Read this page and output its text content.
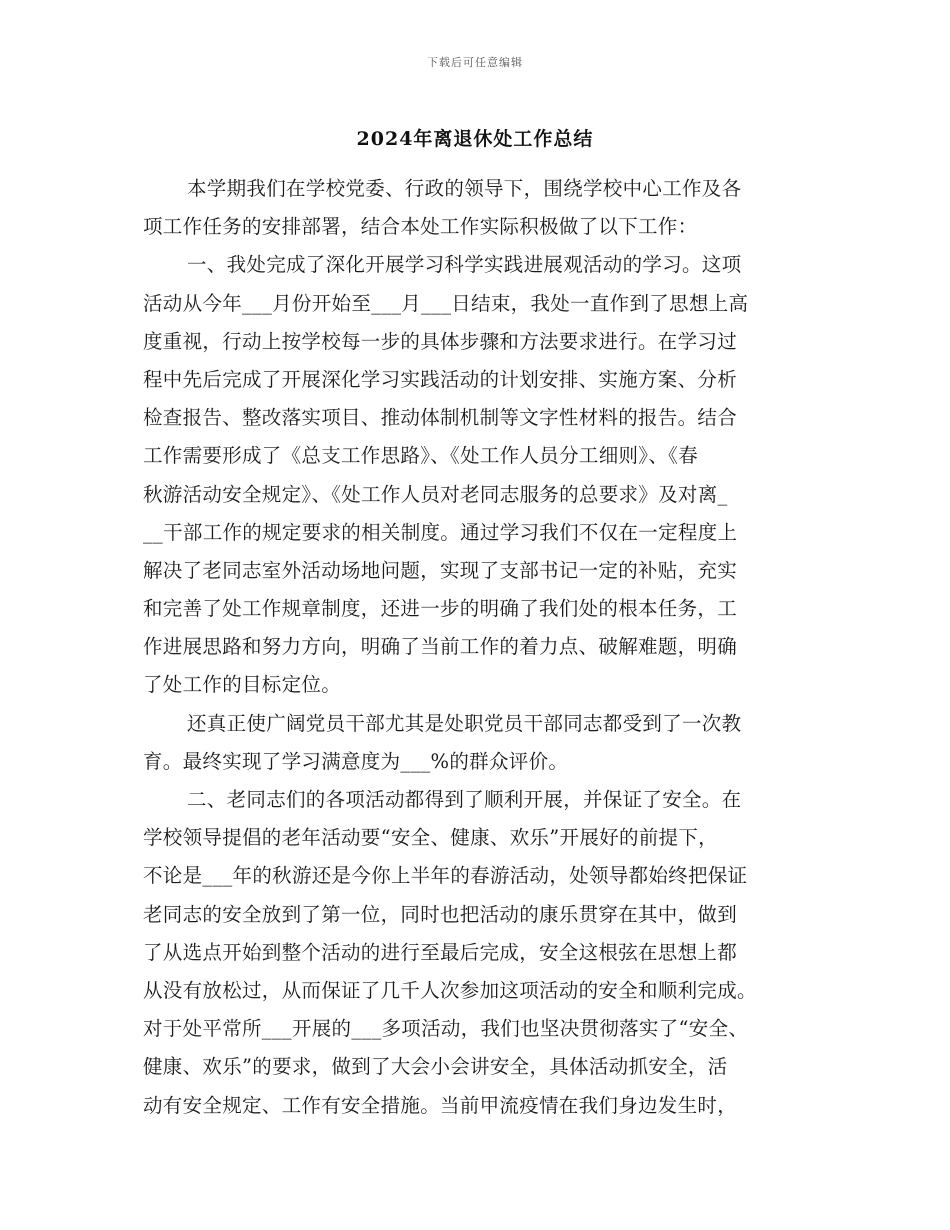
下载后可任意编辑
2024年离退休处工作总结
本学期我们在学校党委、行政的领导下，围绕学校中心工作及各
项工作任务的安排部署，结合本处工作实际积极做了以下工作：
一、我处完成了深化开展学习科学实践进展观活动的学习。这项
活动从今年___月份开始至___月___日结束，我处一直作到了思想上高
度重视，行动上按学校每一步的具体步骤和方法要求进行。在学习过
程中先后完成了开展深化学习实践活动的计划安排、实施方案、分析
检查报告、整改落实项目、推动体制机制等文字性材料的报告。结合
工作需要形成了《总支工作思路》、《处工作人员分工细则》、《春
秋游活动安全规定》、《处工作人员对老同志服务的总要求》及对离_
__干部工作的规定要求的相关制度。通过学习我们不仅在一定程度上
解决了老同志室外活动场地问题，实现了支部书记一定的补贴，充实
和完善了处工作规章制度，还进一步的明确了我们处的根本任务，工
作进展思路和努力方向，明确了当前工作的着力点、破解难题，明确
了处工作的目标定位。
还真正使广阔党员干部尤其是处职党员干部同志都受到了一次教
育。最终实现了学习满意度为___%的群众评价。
二、老同志们的各项活动都得到了顺利开展，并保证了安全。在
学校领导提倡的老年活动要“安全、健康、欢乐”开展好的前提下，
不论是___年的秋游还是今你上半年的春游活动，处领导都始终把保证
老同志的安全放到了第一位，同时也把活动的康乐贯穿在其中，做到
了从选点开始到整个活动的进行至最后完成，安全这根弦在思想上都
从没有放松过，从而保证了几千人次参加这项活动的安全和顺利完成。
对于处平常所___开展的___多项活动，我们也坚决贯彻落实了“安全、
健康、欢乐”的要求，做到了大会小会讲安全，具体活动抓安全，活
动有安全规定、工作有安全措施。当前甲流疫情在我们身边发生时，
